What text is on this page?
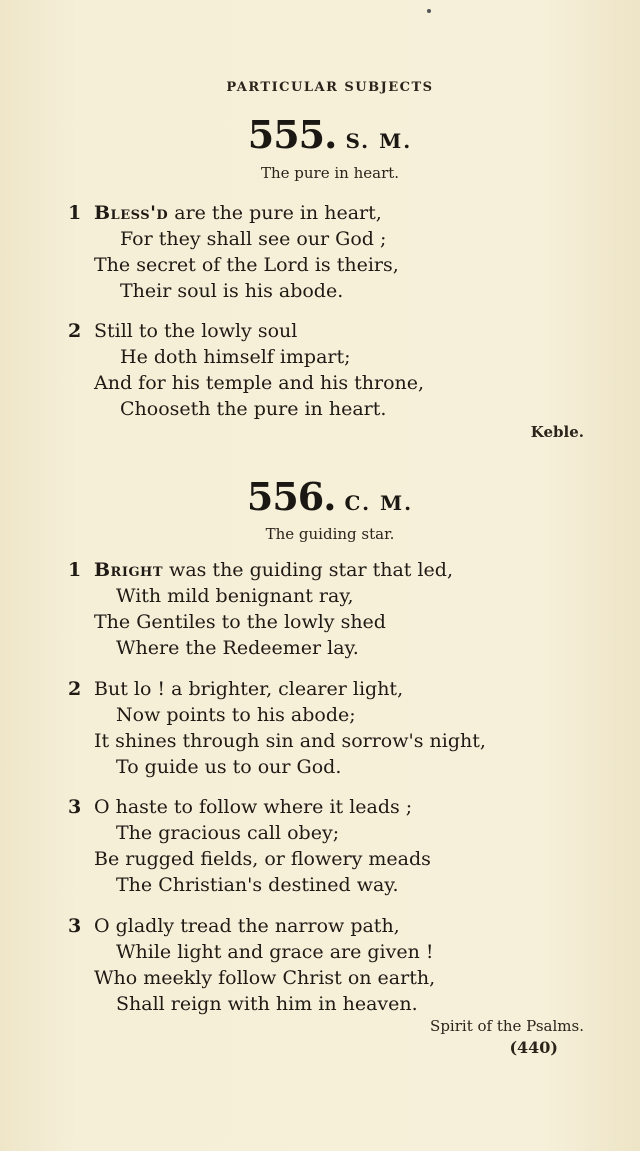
PARTICULAR SUBJECTS
555. S. M.
The pure in heart.
1 Bless'd are the pure in heart,
For they shall see our God ;
The secret of the Lord is theirs,
Their soul is his abode.
2 Still to the lowly soul
He doth himself impart;
And for his temple and his throne,
Chooseth the pure in heart.
Keble.
556. C. M.
The guiding star.
1 Bright was the guiding star that led,
With mild benignant ray,
The Gentiles to the lowly shed
Where the Redeemer lay.
2 But lo ! a brighter, clearer light,
Now points to his abode;
It shines through sin and sorrow's night,
To guide us to our God.
3 O haste to follow where it leads ;
The gracious call obey;
Be rugged fields, or flowery meads
The Christian's destined way.
3 O gladly tread the narrow path,
While light and grace are given !
Who meekly follow Christ on earth,
Shall reign with him in heaven.
Spirit of the Psalms.
(440)
